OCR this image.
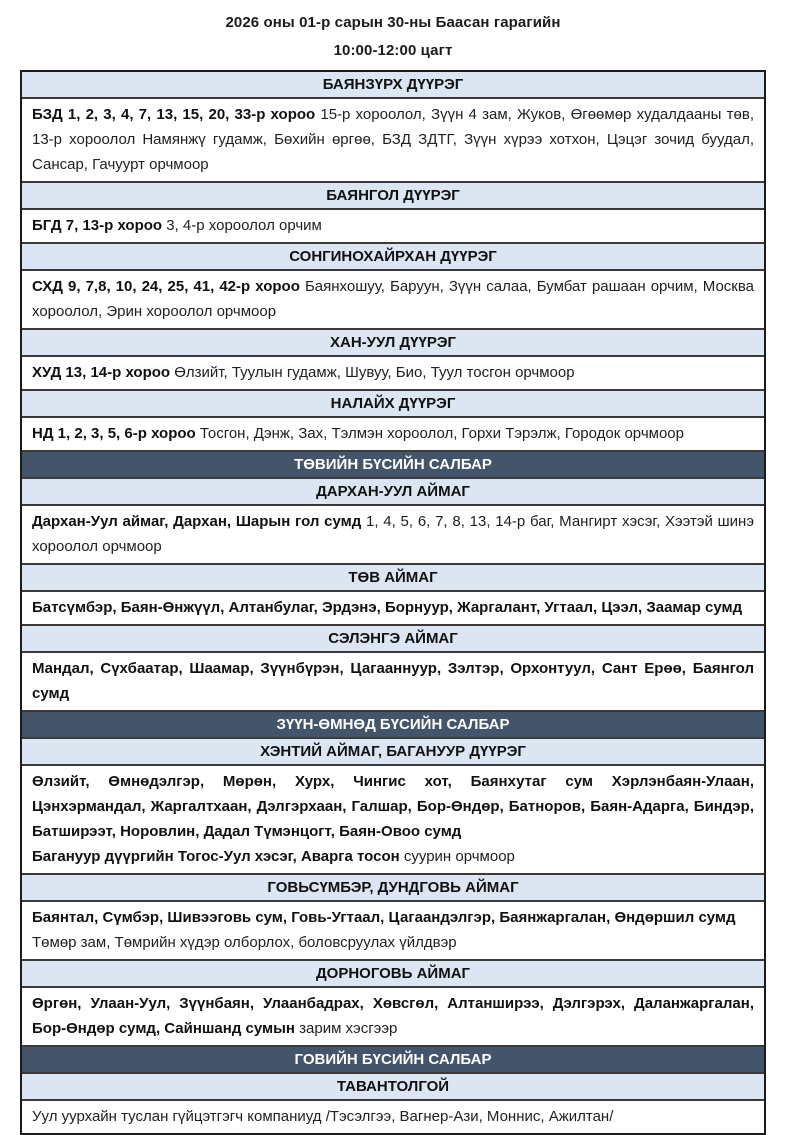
2026 оны 01-р сарын 30-ны Баасан гарагийн

10:00-12:00 цагт

БАЯНЗҮРХ ДҮҮРЭГ

БЗД 1, 2, 3, 4, 7, 13, 15, 20, 33-р хороо 15-р хороолол, Зүүн 4 зам, Жуков, Өгөөмөр худалдааны төв, 13-р хороолол Намянжү гудамж, Бөхийн өргөө, БЗД ЗДТГ, Зүүн хүрээ хотхон, Цэцэг зочид буудал, Сансар, Гачуурт орчмоор

БАЯНГОЛ ДҮҮРЭГ

БГД 7, 13-р хороо 3, 4-р хороолол орчим

СОНГИНОХАЙРХАН ДҮҮРЭГ

СХД 9, 7,8, 10, 24, 25, 41, 42-р хороо Баянхошуу, Баруун, Зүүн салаа, Бумбат рашаан орчим, Москва хороолол, Эрин хороолол орчмоор

ХАН-УУЛ ДҮҮРЭГ

ХУД 13, 14-р хороо Өлзийт, Туулын гудамж, Шувуу, Био, Туул тосгон орчмоор

НАЛАЙХ ДҮҮРЭГ

НД 1, 2, 3, 5, 6-р хороо Тосгон, Дэнж, Зах, Тэлмэн хороолол, Горхи Тэрэлж, Городок орчмоор

ТӨВИЙН БҮСИЙН САЛБАР
ДАРХАН-УУЛ АЙМАГ

Дархан-Уул аймаг, Дархан, Шарын гол сумд 1, 4, 5, 6, 7, 8, 13, 14-р баг, Мангирт хэсэг, Хээтэй шинэ хороолол орчмоор

ТӨВ АЙМАГ

Батсүмбэр, Баян-Өнжүүл, Алтанбулаг, Эрдэнэ, Борнуур, Жаргалант, Угтаал, Цээл, Заамар сумд

СЭЛЭНГЭ АЙМАГ

Мандал, Сүхбаатар, Шаамар, Зүүнбүрэн, Цагааннуур, Зэлтэр, Орхонтуул, Сант Ерөө, Баянгол сумд

ЗҮҮН-ӨМНӨД БҮСИЙН САЛБАР
ХЭНТИЙ АЙМАГ, БАГАНУУР ДҮҮРЭГ

Өлзийт, Өмнөдэлгэр, Мөрөн, Хурх, Чингис хот, Баянхутаг сум Хэрлэнбаян-Улаан, Цэнхэрмандал, Жаргалтхаан, Дэлгэрхаан, Галшар, Бор-Өндөр, Батноров, Баян-Адарга, Биндэр, Батширээт, Норовлин, Дадал Түмэнцогт, Баян-Овоо сумд

Багануур дүүргийн Тогос-Уул хэсэг, Аварга тосон суурин орчмоор

ГОВЬСҮМБЭР, ДУНДГОВЬ АЙМАГ

Баянтал, Сүмбэр, Шивээговь сум, Говь-Угтаал, Цагаандэлгэр, Баянжаргалан, Өндөршил сумд

Төмөр зам, Төмрийн хүдэр олборлох, боловсруулах үйлдвэр

ДОРНОГОВЬ АЙМАГ

Өргөн, Улаан-Уул, Зүүнбаян, Улаанбадрах, Хөвсгөл, Алтанширээ, Дэлгэрэх, Даланжаргалан, Бор-Өндөр сумд, Сайншанд сумын зарим хэсгээр

ГОВИЙН БҮСИЙН САЛБАР
ТАВАНТОЛГОЙ

Уул уурхайн туслан гүйцэтгэгч компаниуд /Тэсэлгээ, Вагнер-Ази, Моннис, Ажилтан/
